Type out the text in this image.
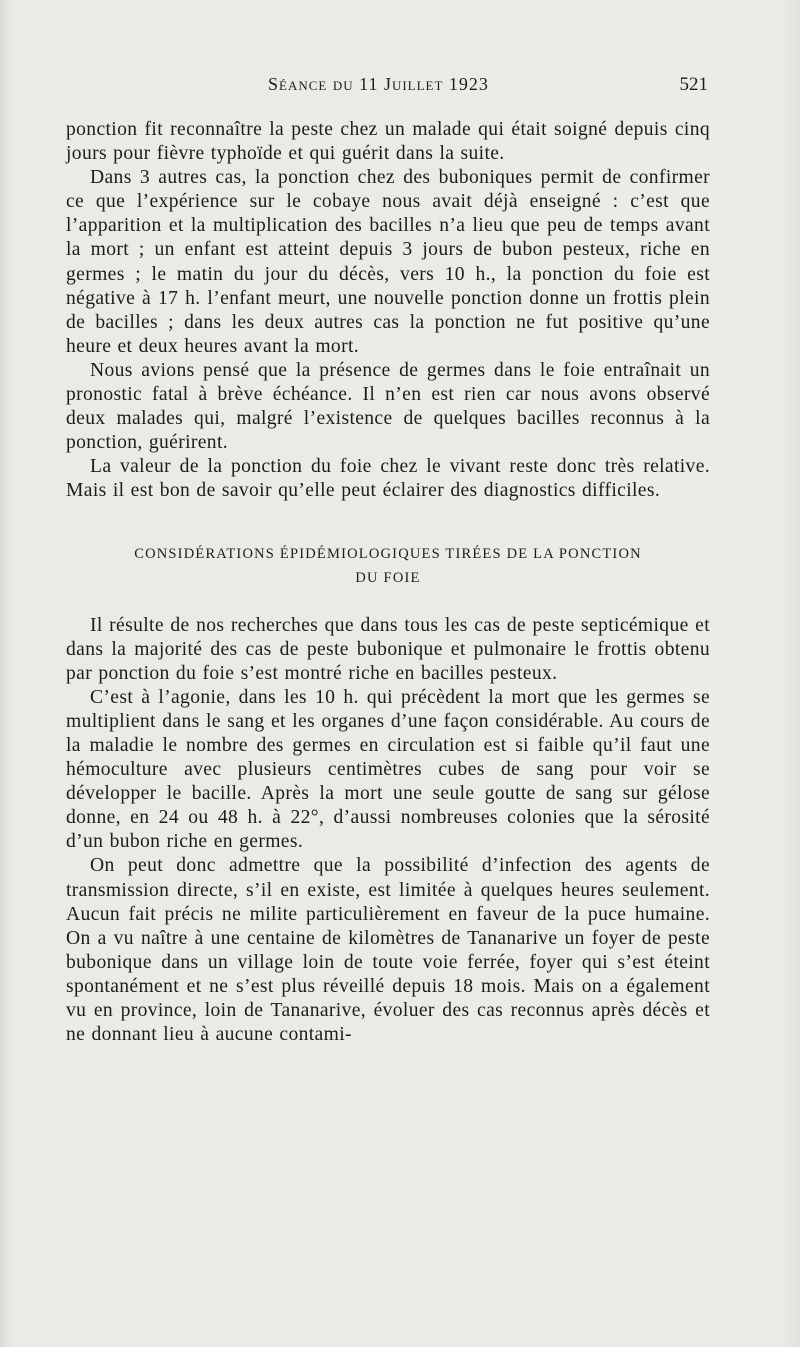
Séance du 11 Juillet 1923	521

ponction fit reconnaître la peste chez un malade qui était soigné depuis cinq jours pour fièvre typhoïde et qui guérit dans la suite.

Dans 3 autres cas, la ponction chez des buboniques permit de confirmer ce que l’expérience sur le cobaye nous avait déjà enseigné : c’est que l’apparition et la multiplication des bacilles n’a lieu que peu de temps avant la mort ; un enfant est atteint depuis 3 jours de bubon pesteux, riche en germes ; le matin du jour du décès, vers 10 h., la ponction du foie est négative à 17 h. l’enfant meurt, une nouvelle ponction donne un frottis plein de bacilles ; dans les deux autres cas la ponction ne fut positive qu’une heure et deux heures avant la mort.

Nous avions pensé que la présence de germes dans le foie entraînait un pronostic fatal à brève échéance. Il n’en est rien car nous avons observé deux malades qui, malgré l’existence de quelques bacilles reconnus à la ponction, guérirent.

La valeur de la ponction du foie chez le vivant reste donc très relative. Mais il est bon de savoir qu’elle peut éclairer des diagnostics difficiles.

CONSIDÉRATIONS ÉPIDÉMIOLOGIQUES TIRÉES DE LA PONCTION
DU FOIE

Il résulte de nos recherches que dans tous les cas de peste septicémique et dans la majorité des cas de peste bubonique et pulmonaire le frottis obtenu par ponction du foie s’est montré riche en bacilles pesteux.

C’est à l’agonie, dans les 10 h. qui précèdent la mort que les germes se multiplient dans le sang et les organes d’une façon considérable. Au cours de la maladie le nombre des germes en circulation est si faible qu’il faut une hémoculture avec plusieurs centimètres cubes de sang pour voir se développer le bacille. Après la mort une seule goutte de sang sur gélose donne, en 24 ou 48 h. à 22°, d’aussi nombreuses colonies que la sérosité d’un bubon riche en germes.

On peut donc admettre que la possibilité d’infection des agents de transmission directe, s’il en existe, est limitée à quelques heures seulement. Aucun fait précis ne milite particulièrement en faveur de la puce humaine. On a vu naître à une centaine de kilomètres de Tananarive un foyer de peste bubonique dans un village loin de toute voie ferrée, foyer qui s’est éteint spontanément et ne s’est plus réveillé depuis 18 mois. Mais on a également vu en province, loin de Tananarive, évoluer des cas reconnus après décès et ne donnant lieu à aucune contami-
